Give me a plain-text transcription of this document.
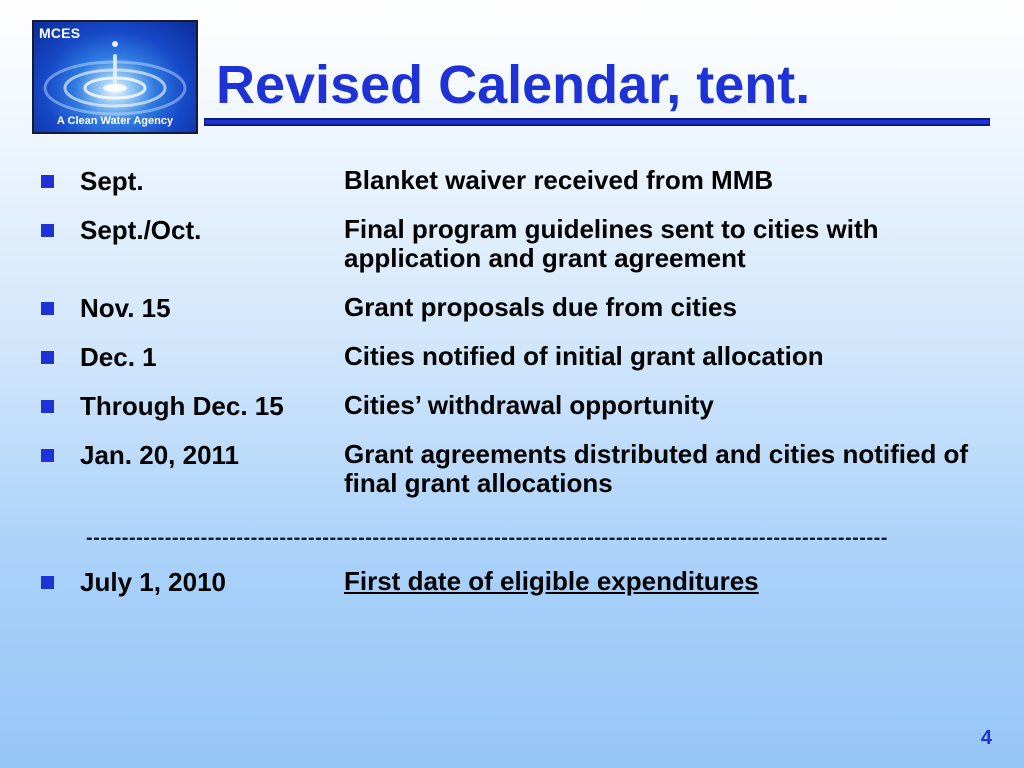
MCES
A Clean Water Agency
Revised Calendar, tent.
Sept.	Blanket waiver received from MMB
Sept./Oct.	Final program guidelines sent to cities with application and grant agreement
Nov. 15	Grant proposals due from cities
Dec. 1	Cities notified of initial grant allocation
Through Dec. 15 Cities’ withdrawal opportunity
Jan. 20, 2011	Grant agreements distributed and cities notified of final grant allocations
----------------------------------------------------------------------------------------------------------------
July 1, 2010	First date of eligible expenditures
4
